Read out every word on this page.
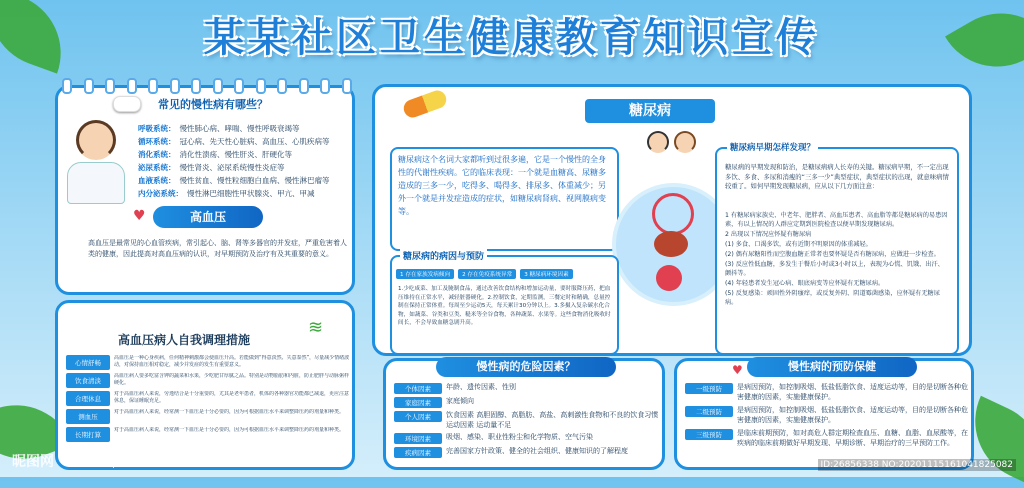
某某社区卫生健康教育知识宣传
常见的慢性病有哪些？
呼吸系统： 慢性肺心病、哮喘、慢性呼吸衰竭等
循环系统： 冠心病、先天性心脏病、高血压、心肌疾病等
消化系统： 消化性溃疡、慢性肝炎、肝硬化等
泌尿系统： 慢性肾炎、泌尿系统慢性炎症等
血液系统： 慢性贫血、慢性粒细胞白血病、慢性淋巴瘤等
内分泌系统： 慢性淋巴细胞性甲状腺炎、甲亢、甲减
♥	高血压
高血压是最常见的心血管疾病，常引起心、脑、肾等多器官的并发症，严重危害着人类的健康，因此提高对高血压病的认识，对早期预防及治疗有及其重要的意义。
高血压病人自我调理措施
≋
心情舒畅
高血压是一种心身疾病，任何精神刺激都会使血压升高。若能做到“得意淡然、失意泰然”，尽量减少情绪波动，对保持血压相对稳定，减少并发症的发生有重要意义。
饮食清淡
高血压病人要多吃富含钾的蔬菜和水果，少吃肥甘厚腻之品。特别是动物脂肪和内脏，防止肥胖与动脉粥样硬化。
合理休息
对于高血压病人来说，劳逸结合是十分重要的，尤其是老年患者，机体的各种器官功能都已减退，更应注意休息，保证睡眠充足。
测血压
对于高血压病人来说，经常测一下血压是十分必要的，因为可根据血压水平来调整降压药的剂量和种类。
长期打算
对于高血压病人来说，经常测一下血压是十分必要的，因为可根据血压水平来调整降压药的剂量和种类。
糖尿病
糖尿病这个名词大家都听到过很多遍，它是一个慢性的全身性的代谢性疾病。它的临床表现：一个就是血糖高、尿糖多造成的三多一少，吃得多、喝得多、排尿多、体重减少；另外一个就是并发症造成的症状，如糖尿病肾病、视网膜病变等。

糖尿病的病因与预防
1 存在家族发病倾向	2 存在免疫系统异常	3 糖尿病环境因素
1.少吃咸菜、加工及腌制食品，通过改善饮食结构和增加运动量，要时服降压药，把血压维持在正常水平，减轻脏器硬化。2.控制饮食，定期监测，三餐定时和精确，总量控制在保持正常体重。每周至少运动5天，每天累计30分钟以上。3.多摄入复杂碳水化合物，如蔬菜、谷类和豆类、糙米等全谷食物，各种蔬菜、水果等。这些食物消化吸收时间长，不会导致血糖急剧升高。
糖尿病早期怎样发现？
糖尿病的早期发现和防治，是糖尿病病人长寿的关键。糖尿病早期，不一定出现多饮、多食、多尿和消瘦的“三多一少”典型症状，典型症状的出现，就意味病情较重了。如何早期发现糖尿病，应从以下几方面注意：
1 有糖尿病家族史、中老年、肥胖者、高血压患者、高血脂等都是糖尿病的易患因素，有以上情况的人群应定期到医院检查以便早期发现糖尿病。
2 出现以下情况应怀疑有糖尿病
(1) 多食、口渴多饮，或有近期不明原因的体重减轻。
(2) 偶有尿糖阳性而空腹血糖正常者也要怀疑是否有糖尿病，应做进一步检查。
(3) 反应性低血糖，多发生于餐后小时或3小时以上，表现为心慌、饥饿、出汗、颤抖等。
(4) 年轻患者发生冠心病、眼底病变等应怀疑有无糖尿病。
(5) 反复感染：顽固性外阴瘙痒，或反复外阴、阴道霉菌感染，应怀疑有无糖尿病。
慢性病的危险因素？
个体因素	年龄、遗传因素、性别
家庭因素	家庭倾向
个人因素	饮食因素 高胆固醇、高脂肪、高盐、高刺激性食物和不良的饮食习惯 运动因素 运动量不足
环境因素	吸烟、感染、职业性粉尘和化学物质、空气污染
疾病因素	完善国家方针政策、健全的社会组织、健康知识的了解程度
♥	慢性病的预防保健
一级预防	是病因预防，如控制吸烟、低盐低脂饮食、适度运动等，目的是切断各种危害健康的因素，实施健康保护。
二级预防	是病因预防，如控制吸烟、低盐低脂饮食、适度运动等，目的是切断各种危害健康的因素，实施健康保护。
三级预防	是临床前期预防，如对高危人群定期检查血压、血糖、血脂、血尿酸等，在疾病的临床前期做好早期发现、早期诊断、早期治疗的三早预防工作。
昵图网	www.nipic.com	ID:26856338 NO:20201115161041825082
